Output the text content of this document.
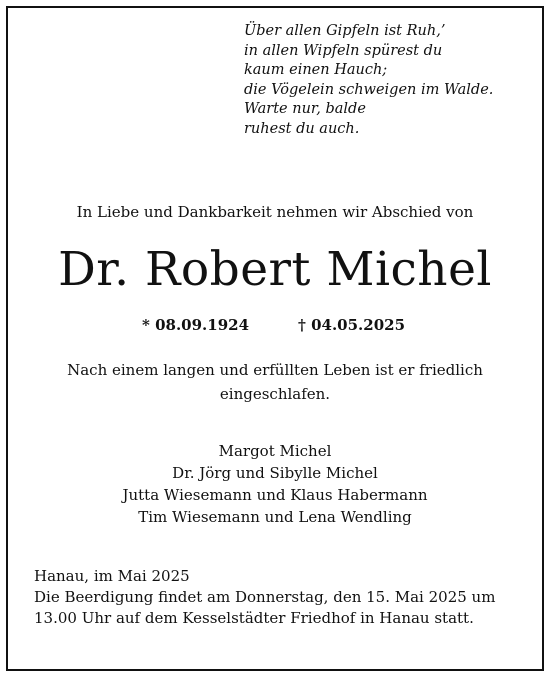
Über allen Gipfeln ist Ruh,’
in allen Wipfeln spürest du
kaum einen Hauch;
die Vögelein schweigen im Walde.
Warte nur, balde
ruhest du auch.
In Liebe und Dankbarkeit nehmen wir Abschied von
Dr. Robert Michel
* 08.09.1924	† 04.05.2025
Nach einem langen und erfüllten Leben ist er friedlich
eingeschlafen.
Margot Michel
Dr. Jörg und Sibylle Michel
Jutta Wiesemann und Klaus Habermann
Tim Wiesemann und Lena Wendling
Hanau, im Mai 2025
Die Beerdigung findet am Donnerstag, den 15. Mai 2025 um
13.00 Uhr auf dem Kesselstädter Friedhof in Hanau statt.
